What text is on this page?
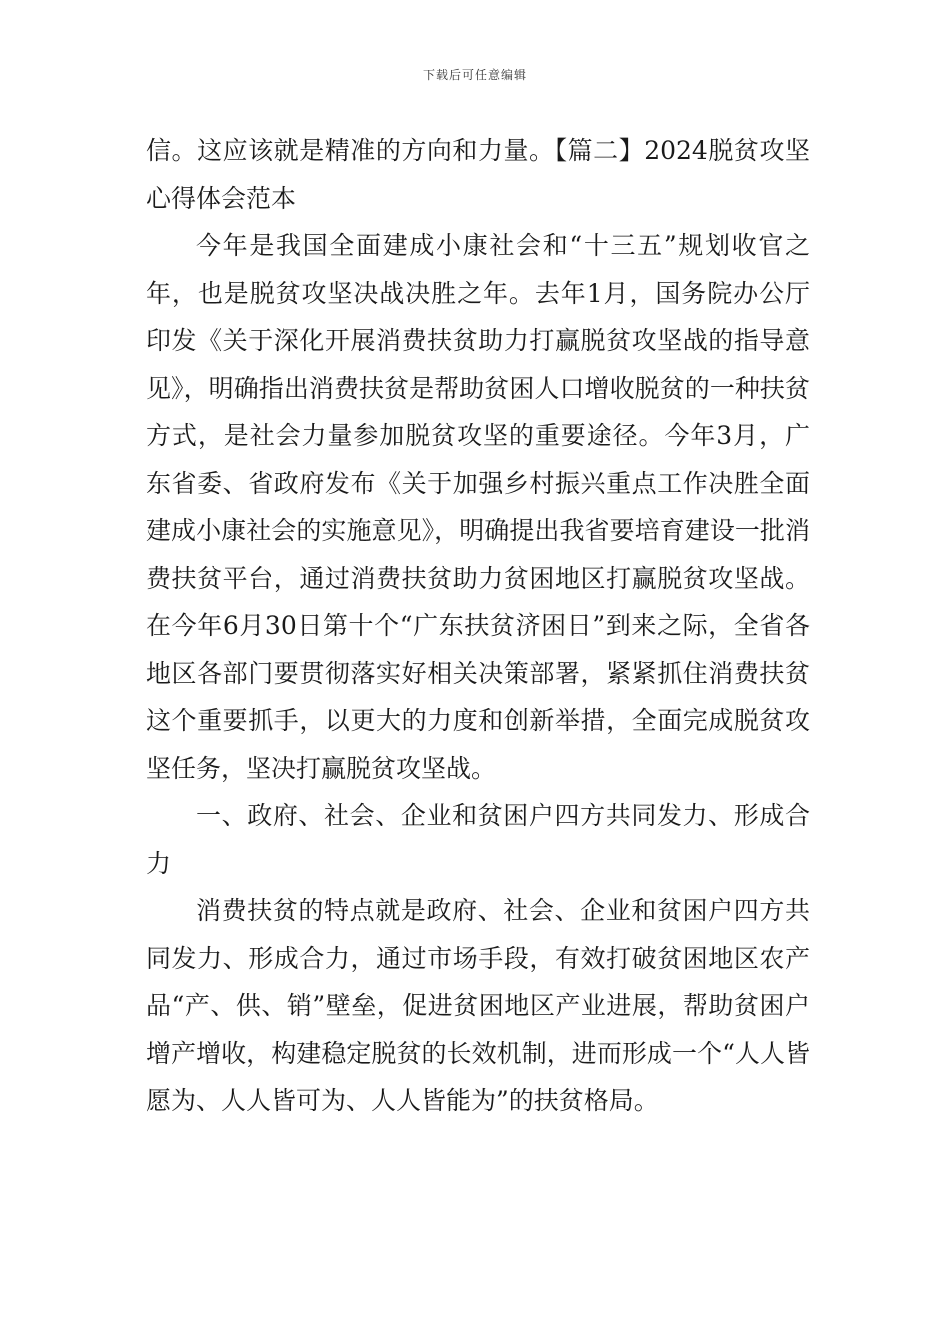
下载后可任意编辑

信。这应该就是精准的方向和力量。【篇二】2024脱贫攻坚心得体会范本

今年是我国全面建成小康社会和“十三五”规划收官之年，也是脱贫攻坚决战决胜之年。去年1月，国务院办公厅印发《关于深化开展消费扶贫助力打赢脱贫攻坚战的指导意见》，明确指出消费扶贫是帮助贫困人口增收脱贫的一种扶贫方式，是社会力量参加脱贫攻坚的重要途径。今年3月，广东省委、省政府发布《关于加强乡村振兴重点工作决胜全面建成小康社会的实施意见》，明确提出我省要培育建设一批消费扶贫平台，通过消费扶贫助力贫困地区打赢脱贫攻坚战。在今年6月30日第十个“广东扶贫济困日”到来之际，全省各地区各部门要贯彻落实好相关决策部署，紧紧抓住消费扶贫这个重要抓手，以更大的力度和创新举措，全面完成脱贫攻坚任务，坚决打赢脱贫攻坚战。

一、政府、社会、企业和贫困户四方共同发力、形成合力

消费扶贫的特点就是政府、社会、企业和贫困户四方共同发力、形成合力，通过市场手段，有效打破贫困地区农产品“产、供、销”壁垒，促进贫困地区产业进展，帮助贫困户增产增收，构建稳定脱贫的长效机制，进而形成一个“人人皆愿为、人人皆可为、人人皆能为”的扶贫格局。
